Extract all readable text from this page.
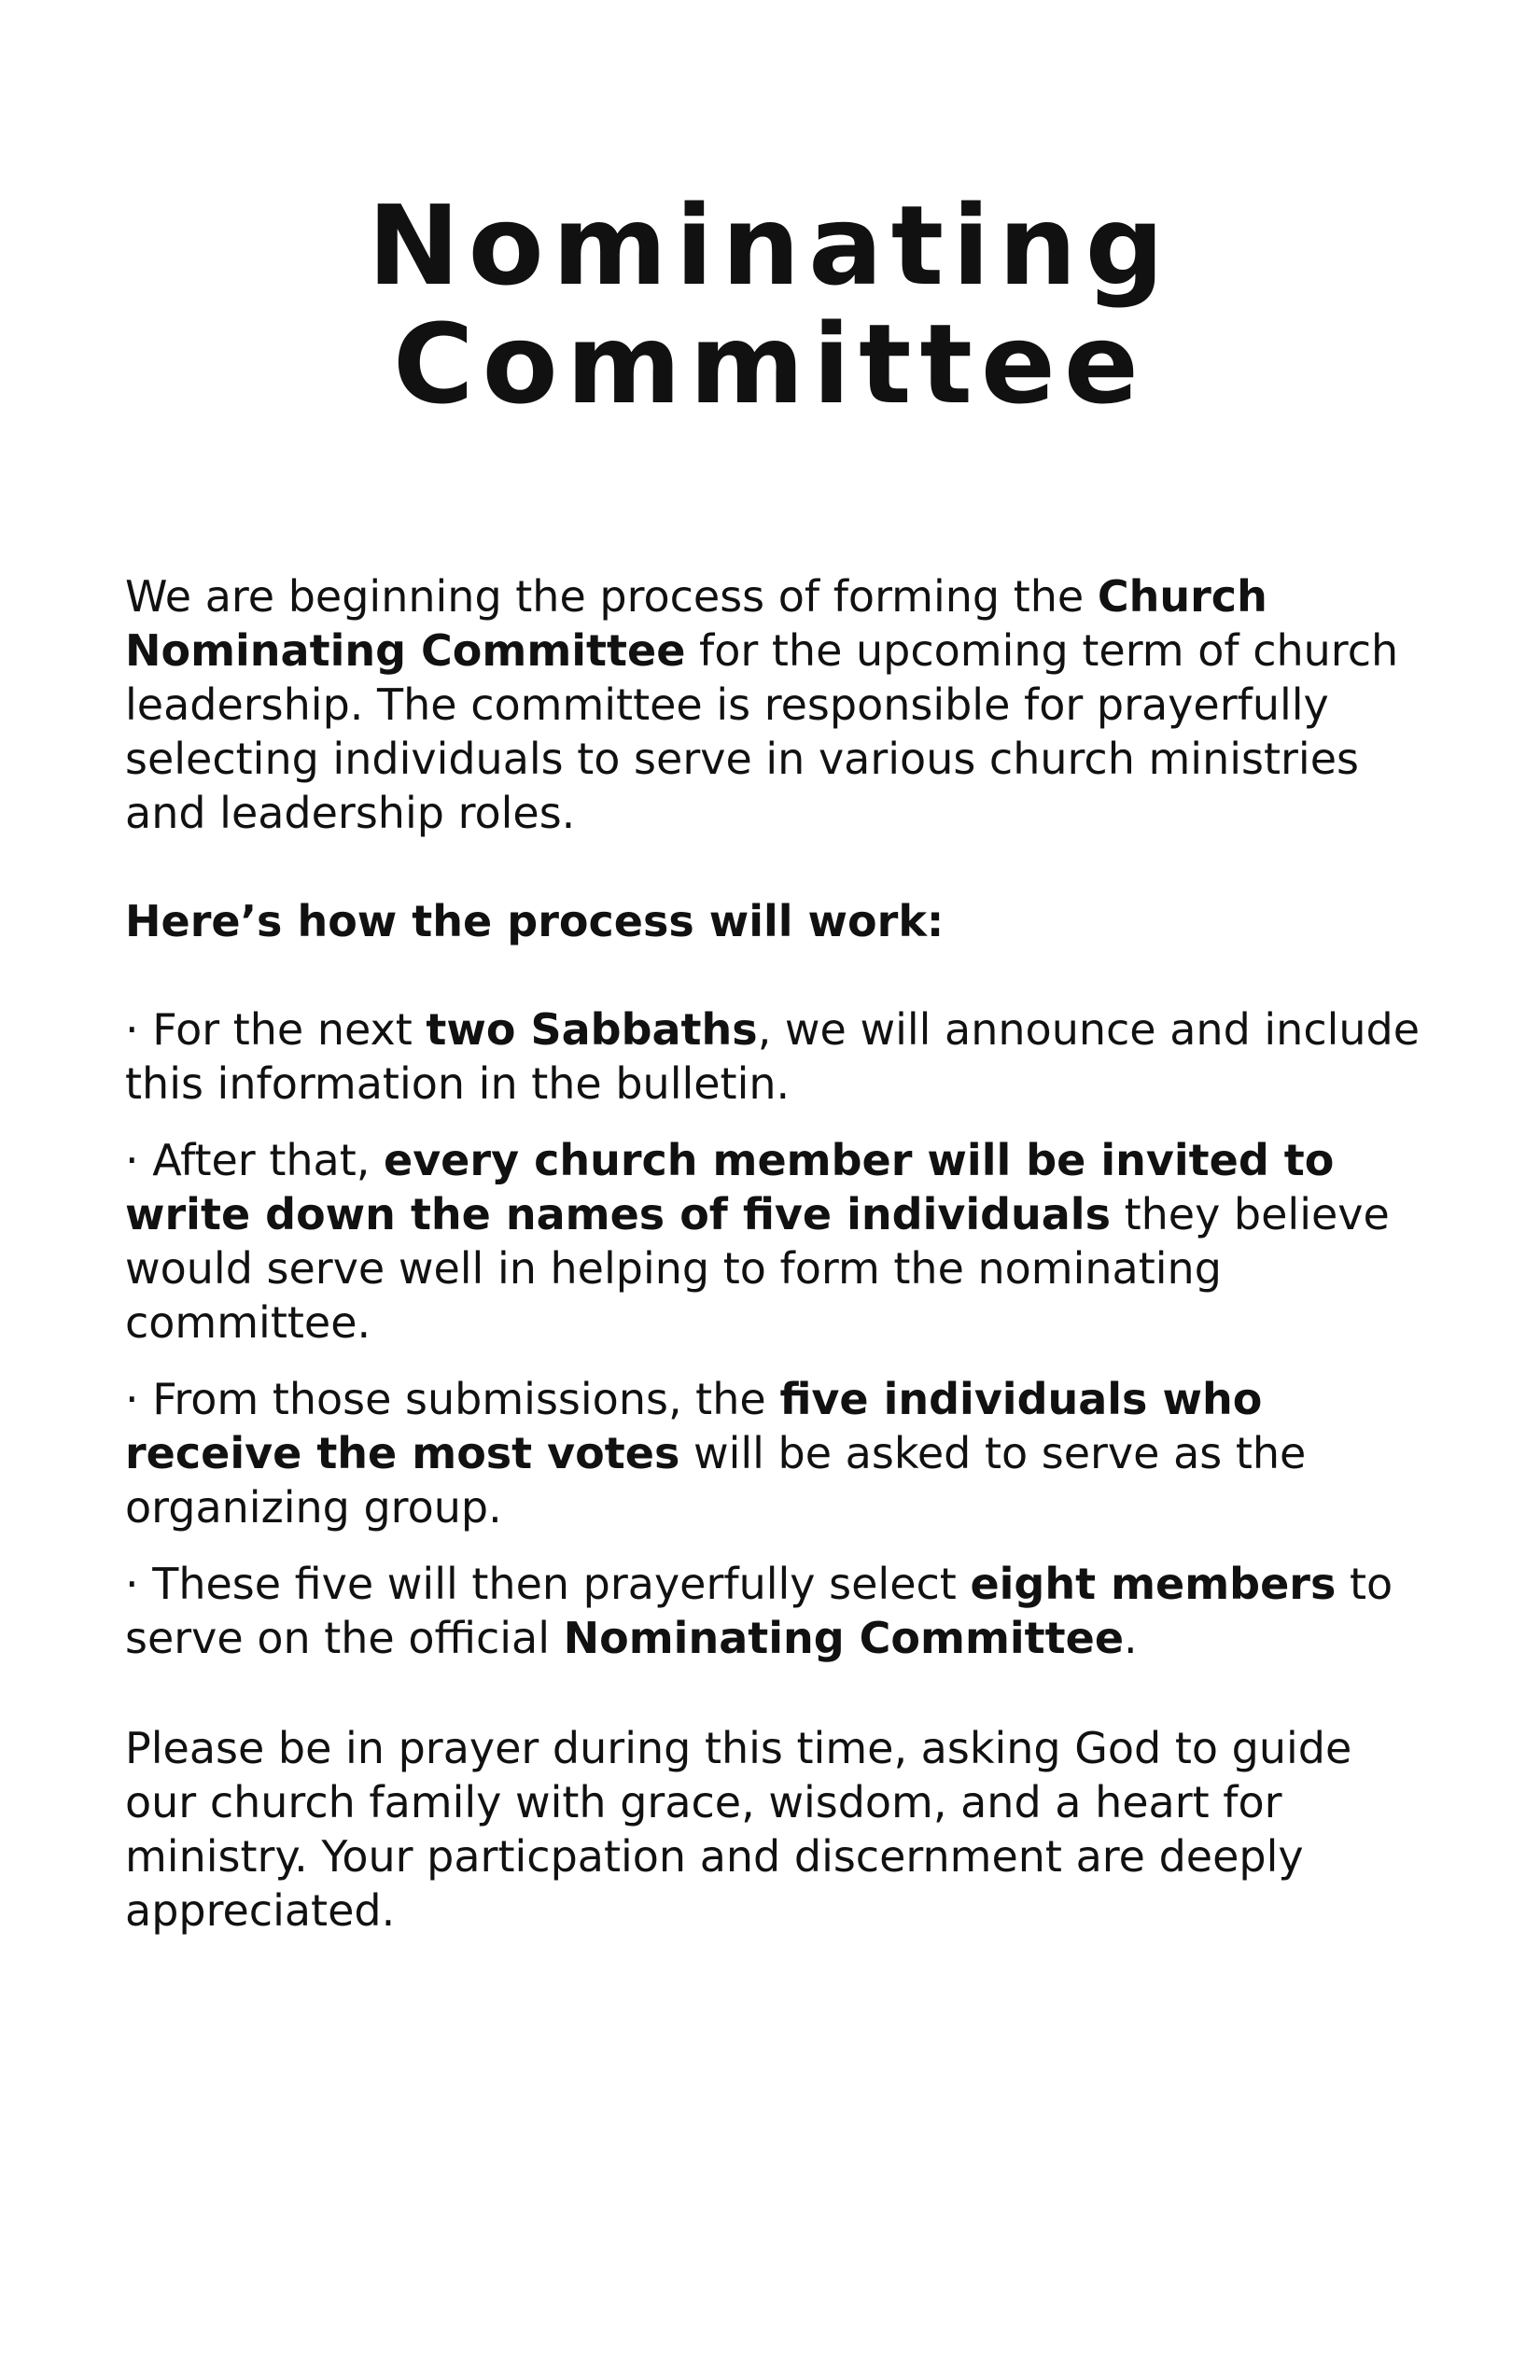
Nominating
Committee

We are beginning the process of forming the Church Nominating Committee for the upcoming term of church leadership. The committee is responsible for prayerfully selecting individuals to serve in various church ministries and leadership roles.

Here’s how the process will work:

· For the next two Sabbaths, we will announce and include this information in the bulletin.
· After that, every church member will be invited to write down the names of five individuals they believe would serve well in helping to form the nominating committee.
· From those submissions, the five individuals who receive the most votes will be asked to serve as the organizing group.
· These five will then prayerfully select eight members to serve on the official Nominating Committee.

Please be in prayer during this time, asking God to guide our church family with grace, wisdom, and a heart for ministry. Your particpation and discernment are deeply appreciated.
